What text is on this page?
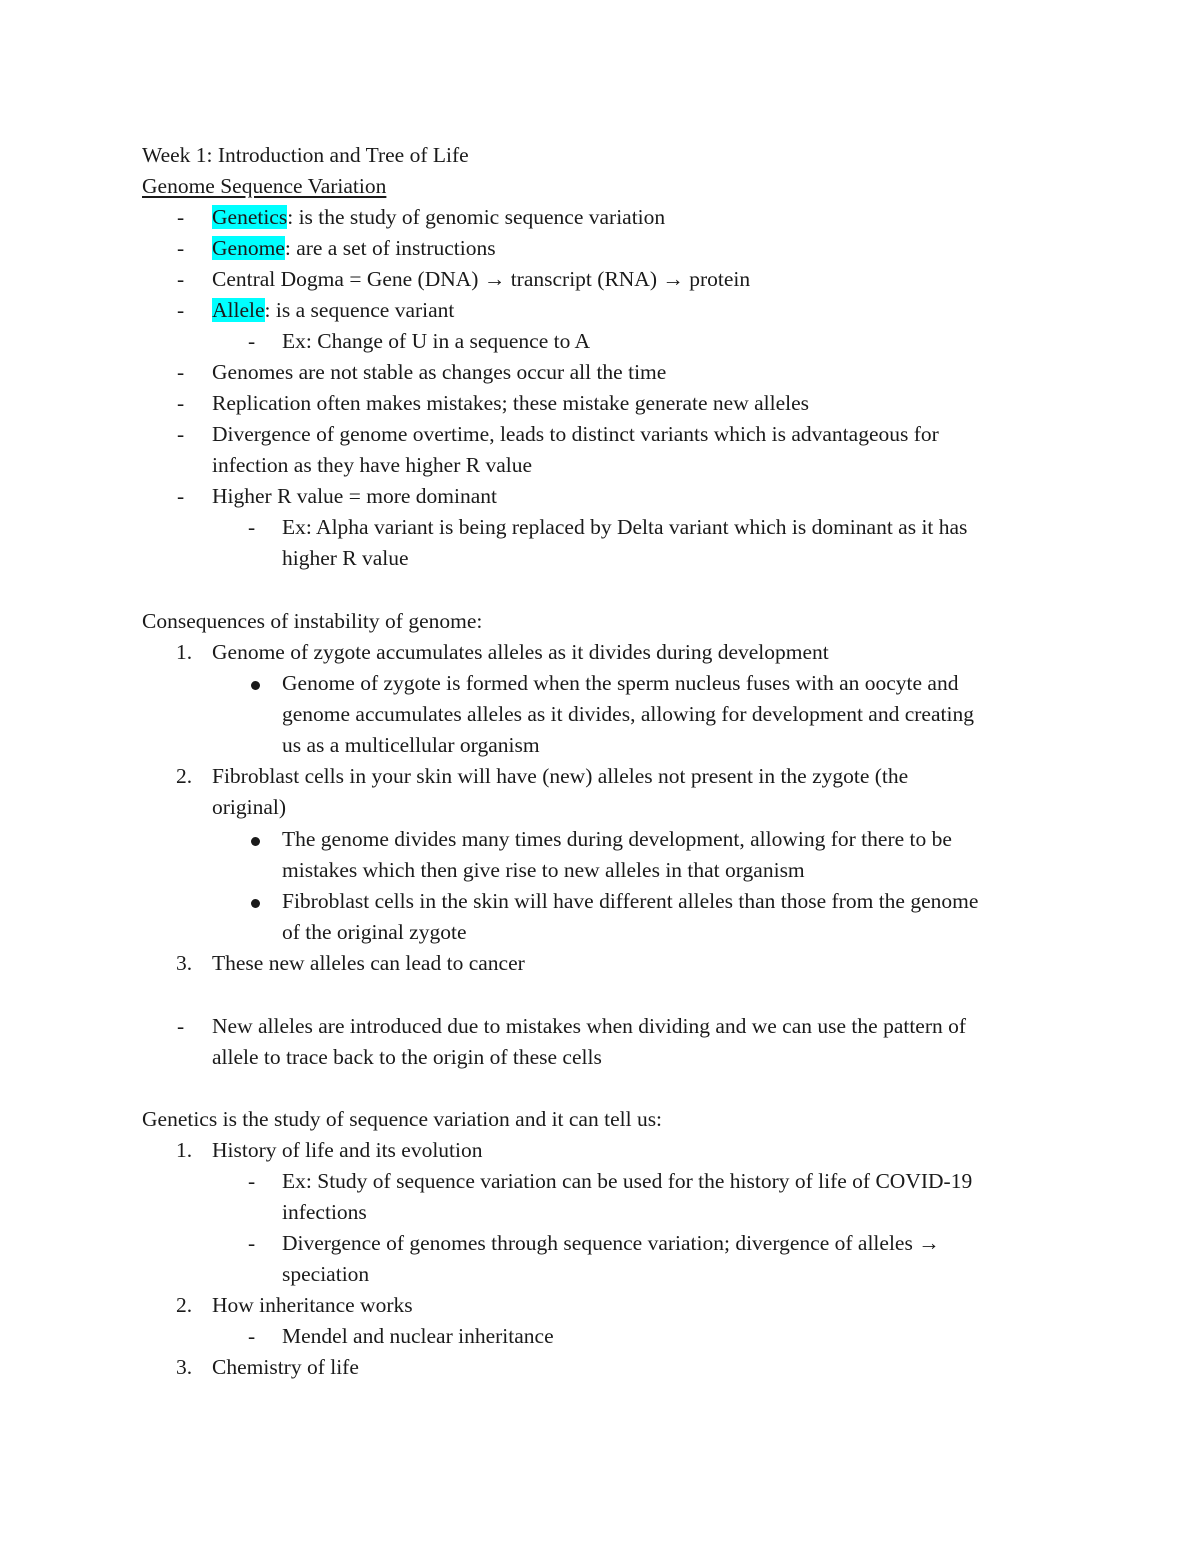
Week 1: Introduction and Tree of Life
Genome Sequence Variation
- Genetics: is the study of genomic sequence variation
- Genome: are a set of instructions
- Central Dogma = Gene (DNA) → transcript (RNA) → protein
- Allele: is a sequence variant
- Ex: Change of U in a sequence to A
- Genomes are not stable as changes occur all the time
- Replication often makes mistakes; these mistake generate new alleles
- Divergence of genome overtime, leads to distinct variants which is advantageous for
infection as they have higher R value
- Higher R value = more dominant
- Ex: Alpha variant is being replaced by Delta variant which is dominant as it has
higher R value
Consequences of instability of genome:
1. Genome of zygote accumulates alleles as it divides during development
Genome of zygote is formed when the sperm nucleus fuses with an oocyte and
genome accumulates alleles as it divides, allowing for development and creating
us as a multicellular organism
2. Fibroblast cells in your skin will have (new) alleles not present in the zygote (the
original)
The genome divides many times during development, allowing for there to be
mistakes which then give rise to new alleles in that organism
Fibroblast cells in the skin will have different alleles than those from the genome
of the original zygote
3. These new alleles can lead to cancer
- New alleles are introduced due to mistakes when dividing and we can use the pattern of
allele to trace back to the origin of these cells
Genetics is the study of sequence variation and it can tell us:
1. History of life and its evolution
- Ex: Study of sequence variation can be used for the history of life of COVID-19
infections
- Divergence of genomes through sequence variation; divergence of alleles →
speciation
2. How inheritance works
- Mendel and nuclear inheritance
3. Chemistry of life
